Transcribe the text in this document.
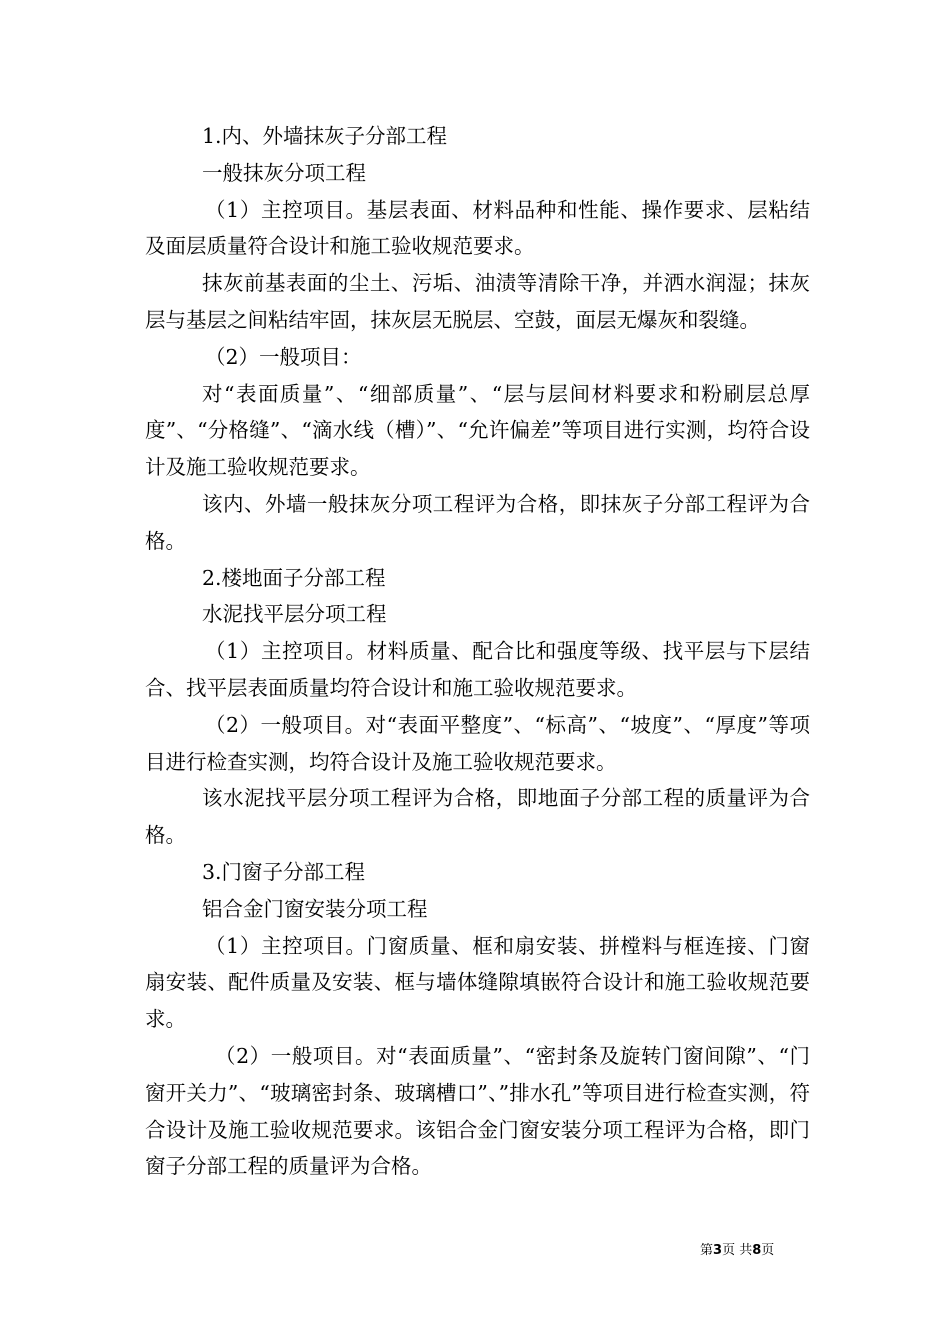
1.内、外墙抹灰子分部工程

一般抹灰分项工程

（1）主控项目。基层表面、材料品种和性能、操作要求、层粘结及面层质量符合设计和施工验收规范要求。

抹灰前基表面的尘土、污垢、油渍等清除干净，并洒水润湿；抹灰层与基层之间粘结牢固，抹灰层无脱层、空鼓，面层无爆灰和裂缝。

（2）一般项目：

对“表面质量”、“细部质量”、“层与层间材料要求和粉刷层总厚度”、“分格缝”、“滴水线（槽）”、“允许偏差”等项目进行实测，均符合设计及施工验收规范要求。

该内、外墙一般抹灰分项工程评为合格，即抹灰子分部工程评为合格。

2.楼地面子分部工程

水泥找平层分项工程

（1）主控项目。材料质量、配合比和强度等级、找平层与下层结合、找平层表面质量均符合设计和施工验收规范要求。

（2）一般项目。对“表面平整度”、“标高”、“坡度”、“厚度”等项目进行检查实测，均符合设计及施工验收规范要求。

该水泥找平层分项工程评为合格，即地面子分部工程的质量评为合格。

3.门窗子分部工程

铝合金门窗安装分项工程

（1）主控项目。门窗质量、框和扇安装、拼樘料与框连接、门窗扇安装、配件质量及安装、框与墙体缝隙填嵌符合设计和施工验收规范要求。

（2）一般项目。对“表面质量”、“密封条及旋转门窗间隙”、“门窗开关力”、“玻璃密封条、玻璃槽口”、”排水孔”等项目进行检查实测，符合设计及施工验收规范要求。该铝合金门窗安装分项工程评为合格，即门窗子分部工程的质量评为合格。

第3页 共8页
